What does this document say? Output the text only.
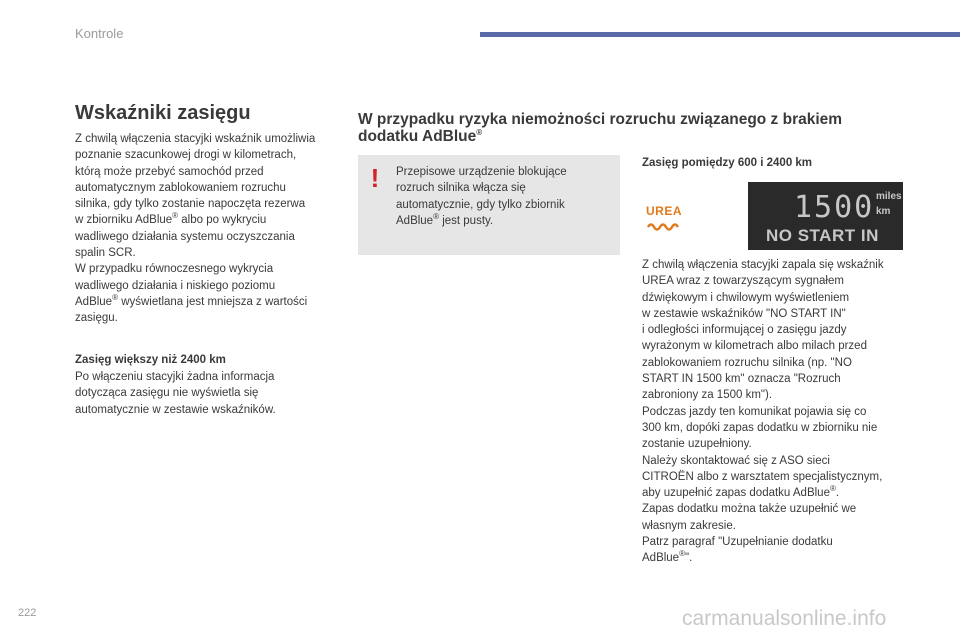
Kontrole
Wskaźniki zasięgu

Z chwilą włączenia stacyjki wskaźnik umożliwia
poznanie szacunkowej drogi w kilometrach,
którą może przebyć samochód przed
automatycznym zablokowaniem rozruchu
silnika, gdy tylko zostanie napoczęta rezerwa
w zbiorniku AdBlue® albo po wykryciu
wadliwego działania systemu oczyszczania
spalin SCR.
W przypadku równoczesnego wykrycia
wadliwego działania i niskiego poziomu
AdBlue® wyświetlana jest mniejsza z wartości
zasięgu.

Zasięg większy niż 2400 km

Po włączeniu stacyjki żadna informacja
dotycząca zasięgu nie wyświetla się
automatycznie w zestawie wskaźników.

W przypadku ryzyka niemożności rozruchu związanego z brakiem
dodatku AdBlue®
! Przepisowe urządzenie blokujące
rozruch silnika włącza się
automatycznie, gdy tylko zbiornik
AdBlue® jest pusty.
Zasięg pomiędzy 600 i 2400 km
UREA	1500 miles
km
NO START IN

Z chwilą włączenia stacyjki zapala się wskaźnik
UREA wraz z towarzyszącym sygnałem
dźwiękowym i chwilowym wyświetleniem
w zestawie wskaźników "NO START IN"
i odległości informującej o zasięgu jazdy
wyrażonym w kilometrach albo milach przed
zablokowaniem rozruchu silnika (np. "NO
START IN 1500 km" oznacza "Rozruch
zabroniony za 1500 km").
Podczas jazdy ten komunikat pojawia się co
300 km, dopóki zapas dodatku w zbiorniku nie
zostanie uzupełniony.
Należy skontaktować się z ASO sieci
CITROËN albo z warsztatem specjalistycznym,
aby uzupełnić zapas dodatku AdBlue®.
Zapas dodatku można także uzupełnić we
własnym zakresie.
Patrz paragraf "Uzupełnianie dodatku
AdBlue®".

222	carmanualsonline.info
